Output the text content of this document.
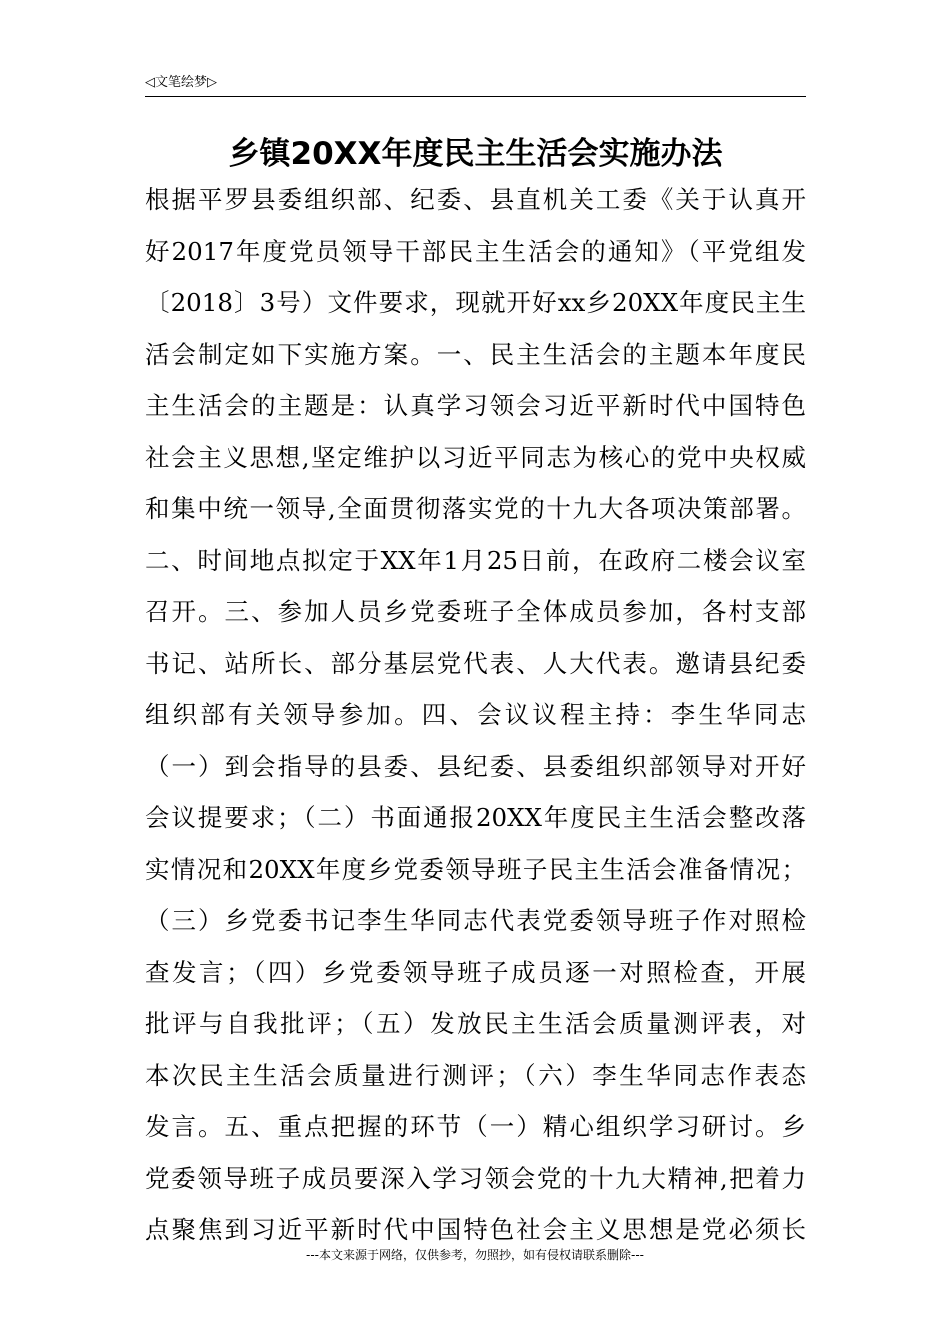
◁文笔绘梦▷
乡镇20XX年度民主生活会实施办法
根据平罗县委组织部、纪委、县直机关工委《关于认真开
好2017年度党员领导干部民主生活会的通知》（平党组发
〔2018〕3号）文件要求，现就开好xx乡20XX年度民主生
活会制定如下实施方案。一、民主生活会的主题本年度民
主生活会的主题是：认真学习领会习近平新时代中国特色
社会主义思想,坚定维护以习近平同志为核心的党中央权威
和集中统一领导,全面贯彻落实党的十九大各项决策部署。
二、时间地点拟定于XX年1月25日前，在政府二楼会议室
召开。三、参加人员乡党委班子全体成员参加，各村支部
书记、站所长、部分基层党代表、人大代表。邀请县纪委
组织部有关领导参加。四、会议议程主持：李生华同志
（一）到会指导的县委、县纪委、县委组织部领导对开好
会议提要求；（二）书面通报20XX年度民主生活会整改落
实情况和20XX年度乡党委领导班子民主生活会准备情况；
（三）乡党委书记李生华同志代表党委领导班子作对照检
查发言；（四）乡党委领导班子成员逐一对照检查，开展
批评与自我批评；（五）发放民主生活会质量测评表，对
本次民主生活会质量进行测评；（六）李生华同志作表态
发言。五、重点把握的环节（一）精心组织学习研讨。乡
党委领导班子成员要深入学习领会党的十九大精神,把着力
点聚焦到习近平新时代中国特色社会主义思想是党必须长
---本文来源于网络，仅供参考，勿照抄，如有侵权请联系删除---
